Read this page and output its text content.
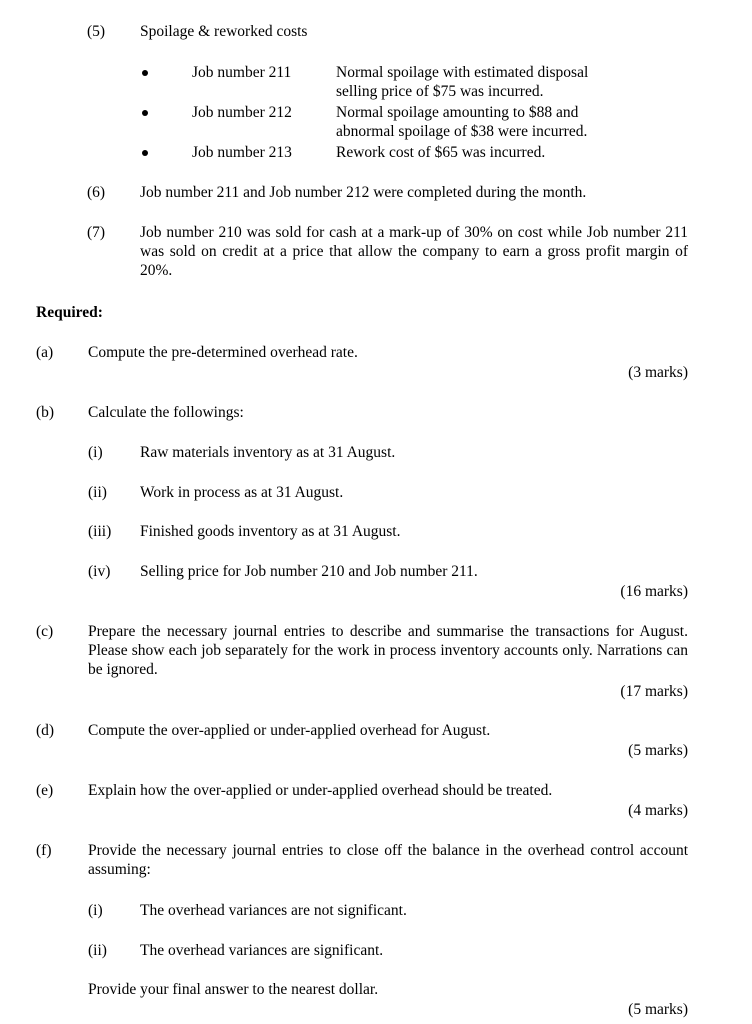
(5) Spoilage & reworked costs
Job number 211	Normal spoilage with estimated disposal
selling price of $75 was incurred.
Job number 212	Normal spoilage amounting to $88 and
abnormal spoilage of $38 were incurred.
Job number 213	Rework cost of $65 was incurred.
(6) Job number 211 and Job number 212 were completed during the month.
(7) Job number 210 was sold for cash at a mark-up of 30% on cost while Job number 211 was sold on credit at a price that allow the company to earn a gross profit margin of 20%.
Required:
(a) Compute the pre-determined overhead rate.
(3 marks)
(b) Calculate the followings:
(i) Raw materials inventory as at 31 August.
(ii) Work in process as at 31 August.
(iii) Finished goods inventory as at 31 August.
(iv) Selling price for Job number 210 and Job number 211.
(16 marks)
(c) Prepare the necessary journal entries to describe and summarise the transactions for August. Please show each job separately for the work in process inventory accounts only. Narrations can be ignored.
(17 marks)
(d) Compute the over-applied or under-applied overhead for August.
(5 marks)
(e) Explain how the over-applied or under-applied overhead should be treated.
(4 marks)
(f) Provide the necessary journal entries to close off the balance in the overhead control account assuming:
(i) The overhead variances are not significant.
(ii) The overhead variances are significant.
Provide your final answer to the nearest dollar.
(5 marks)
